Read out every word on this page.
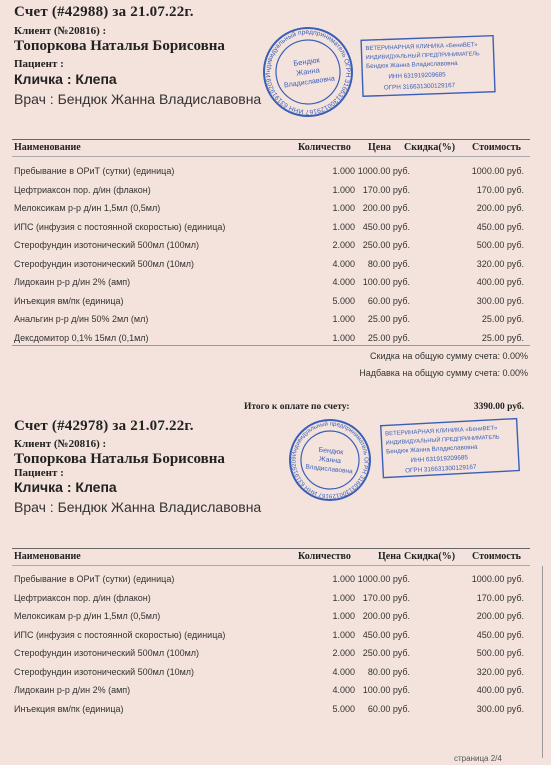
Счет (#42988) за 21.07.22г.
Клиент (№20816) :
Топоркова Наталья Борисовна
Пациент :
Кличка : Клепа
Врач : Бендюк Жанна Владиславовна
Наименование	Количество Цена Скидка(%) Стоимость
Пребывание в ОРиТ (сутки) (единица)	1.000 1000.00 руб.	1000.00 руб.
Цефтриаксон пор. д/ин (флакон)	1.000 170.00 руб.	170.00 руб.
Мелоксикам р-р д/ин 1,5мл (0,5мл)	1.000 200.00 руб.	200.00 руб.
ИПС (инфузия с постоянной скоростью) (единица)	1.000 450.00 руб.	450.00 руб.
Стерофундин изотонический 500мл (100мл)	2.000 250.00 руб.	500.00 руб.
Стерофундин изотонический 500мл (10мл)	4.000 80.00 руб.	320.00 руб.
Лидокаин р-р д/ин 2% (амп)	4.000 100.00 руб.	400.00 руб.
Инъекция вм/пк (единица)	5.000 60.00 руб.	300.00 руб.
Анальгин р-р д/ин 50% 2мл (мл)	1.000 25.00 руб.	25.00 руб.
Дексдомитор 0,1% 15мл (0,1мл)	1.000 25.00 руб.	25.00 руб.
Скидка на общую сумму счета: 0.00%
Надбавка на общую сумму счета: 0.00%
Итого к оплате по счету:	3390.00 руб.
Счет (#42978) за 21.07.22г.
Клиент (№20816) :
Топоркова Наталья Борисовна
Пациент :
Кличка : Клепа
Врач : Бендюк Жанна Владиславовна
Наименование	Количество	Цена Скидка(%) Стоимость
Пребывание в ОРиТ (сутки) (единица)	1.000 1000.00 руб.	1000.00 руб.
Цефтриаксон пор. д/ин (флакон)	1.000 170.00 руб.	170.00 руб.
Мелоксикам р-р д/ин 1,5мл (0,5мл)	1.000 200.00 руб.	200.00 руб.
ИПС (инфузия с постоянной скоростью) (единица)	1.000 450.00 руб.	450.00 руб.
Стерофундин изотонический 500мл (100мл)	2.000 250.00 руб.	500.00 руб.
Стерофундин изотонический 500мл (10мл)	4.000 80.00 руб.	320.00 руб.
Лидокаин р-р д/ин 2% (амп)	4.000 100.00 руб.	400.00 руб.
Инъекция вм/пк (единица)	5.000 60.00 руб.	300.00 руб.
Индивидуальный предприниматель ОГРН 316631300129167 ИНН 631919209685
Бендюк
Жанна
Владиславовна
ВЕТЕРИНАРНАЯ КЛИНИКА «БениВЕТ»
ИНДИВИДУАЛЬНЫЙ ПРЕДПРИНИМАТЕЛЬ
Бендюк Жанна Владиславовна
ИНН 631919209685
ОГРН 316631300129167
Индивидуальный предприниматель ОГРН 316631300129167 ИНН 631919209685
Бендюк
Жанна
Владиславовна
ВЕТЕРИНАРНАЯ КЛИНИКА «БениВЕТ»
ИНДИВИДУАЛЬНЫЙ ПРЕДПРИНИМАТЕЛЬ
Бендюк Жанна Владиславовна
ИНН 631919209685
ОГРН 316631300129167
страница 2/4
